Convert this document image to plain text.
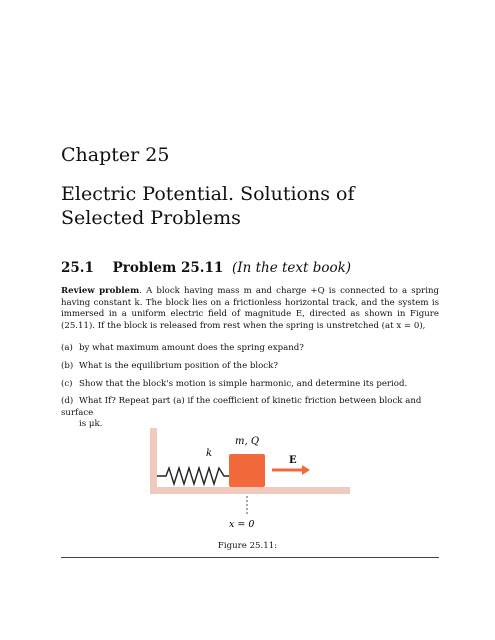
Chapter 25
Electric Potential. Solutions of
Selected Problems
25.1 Problem 25.11 (In the text book)
Review problem. A block having mass m and charge +Q is connected to a spring having constant k. The block lies on a frictionless horizontal track, and the system is immersed in a uniform electric field of magnitude E, directed as shown in Figure (25.11). If the block is released from rest when the spring is unstretched (at x = 0),
(a) by what maximum amount does the spring expand?
(b) What is the equilibrium position of the block?
(c) Show that the block's motion is simple harmonic, and determine its period.
(d) What If? Repeat part (a) if the coefficient of kinetic friction between block and surface
is μk.
k
m, Q
E
x = 0
Figure 25.11:
